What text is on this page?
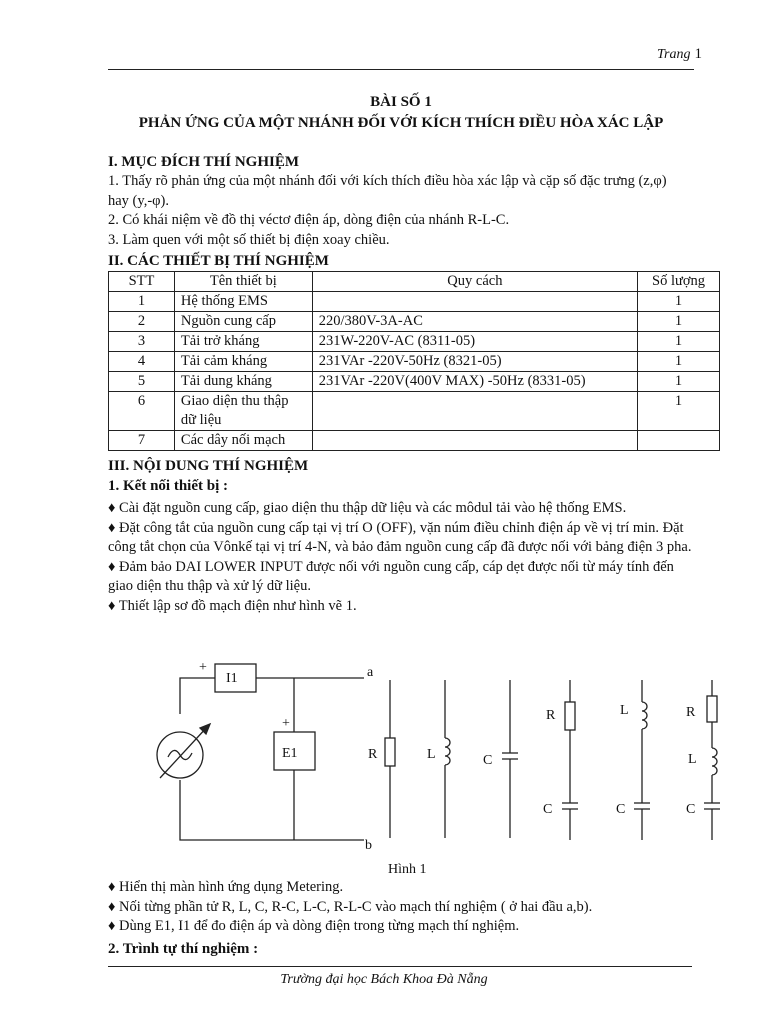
Trang 1
BÀI SỐ 1
PHẢN ỨNG CỦA MỘT NHÁNH ĐỐI VỚI KÍCH THÍCH ĐIỀU HÒA XÁC LẬP
I. MỤC ĐÍCH THÍ NGHIỆM
1. Thấy rõ phản ứng của một nhánh đối với kích thích điều hòa xác lập và cặp số đặc trưng (z,φ)
hay (y,-φ).
2. Có khái niệm về đồ thị véctơ điện áp, dòng điện của nhánh R-L-C.
3. Làm quen với một số thiết bị điện xoay chiều.
II. CÁC THIẾT BỊ THÍ NGHIỆM
STT	Tên thiết bị	Quy cách	Số lượng
1	Hệ thống EMS		1
2	Nguồn cung cấp	220/380V-3A-AC	1
3	Tải trở kháng	231W-220V-AC (8311-05)	1
4	Tải cảm kháng	231VAr -220V-50Hz (8321-05)	1
5	Tải dung kháng	231VAr -220V(400V MAX) -50Hz (8331-05)	1
6	Giao diện thu thập dữ liệu		1
7	Các dây nối mạch		
III. NỘI DUNG THÍ NGHIỆM
1. Kết nối thiết bị :
♦ Cài đặt nguồn cung cấp, giao diện thu thập dữ liệu và các môdul tải vào hệ thống EMS.
♦ Đặt công tắt của nguồn cung cấp tại vị trí O (OFF), vặn núm điều chỉnh điện áp về vị trí min. Đặt công tắt chọn của Vônkế tại vị trí 4-N, và bảo đảm nguồn cung cấp đã được nối với bảng điện 3 pha.
♦ Đảm bảo DAI LOWER INPUT được nối với nguồn cung cấp, cáp dẹt được nối từ máy tính đến giao diện thu thập và xử lý dữ liệu.
♦ Thiết lập sơ đồ mạch điện như hình vẽ 1.
+
+
I1
E1
a
b
R	L	C
R
C
L
C
R
L
C
Hình 1
♦ Hiển thị màn hình ứng dụng Metering.
♦ Nối từng phần tử R, L, C, R-C, L-C, R-L-C vào mạch thí nghiệm ( ở hai đầu a,b).
♦ Dùng E1, I1 để đo điện áp và dòng điện trong từng mạch thí nghiệm.
2. Trình tự thí nghiệm :
Trường đại học Bách Khoa Đà Nẵng
